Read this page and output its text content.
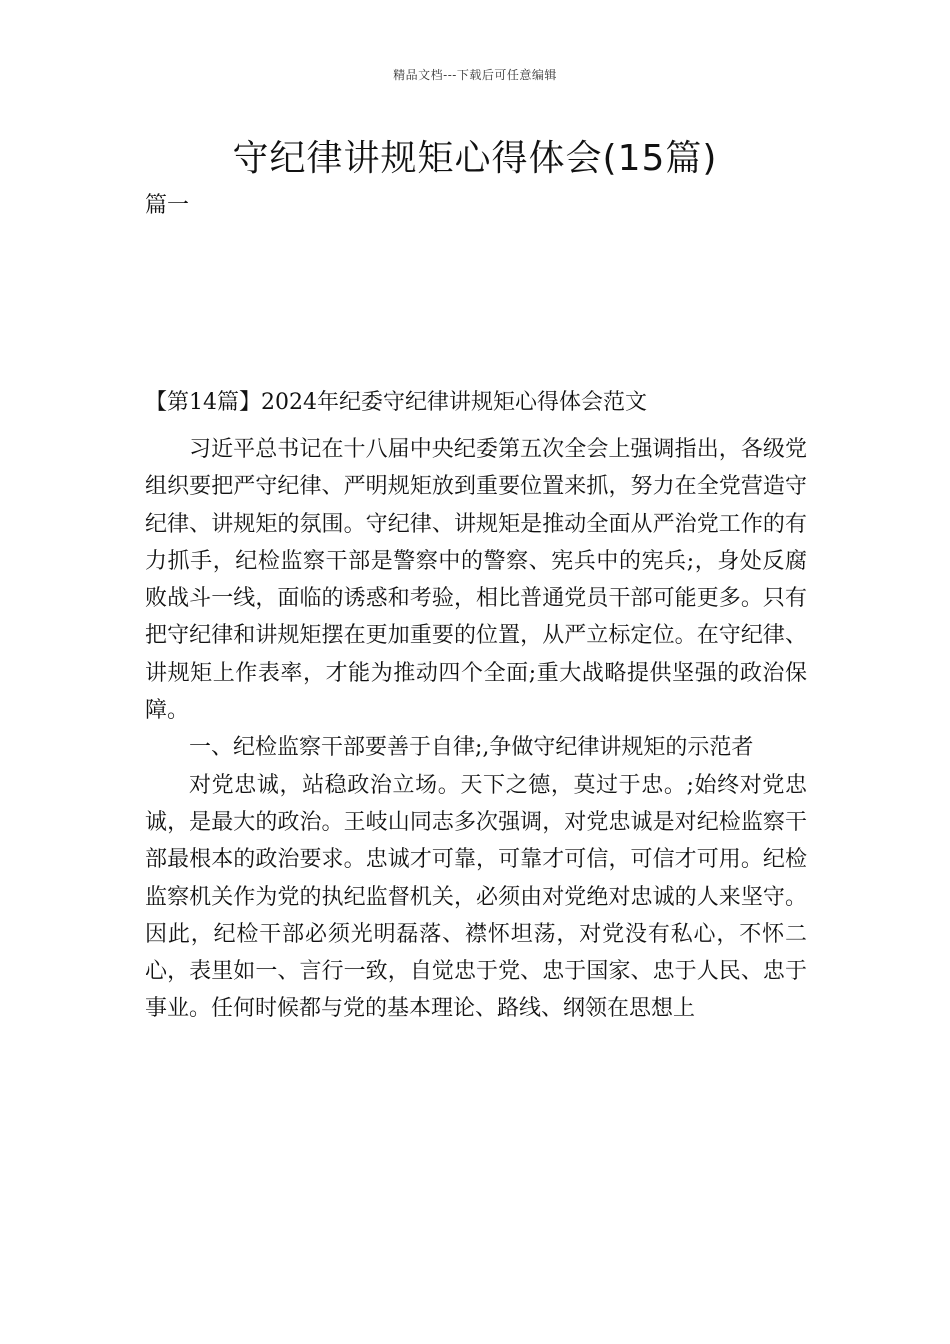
精品文档---下载后可任意编辑
守纪律讲规矩心得体会(15篇)
篇一
【第14篇】2024年纪委守纪律讲规矩心得体会范文

习近平总书记在十八届中央纪委第五次全会上强调指出，各级党组织要把严守纪律、严明规矩放到重要位置来抓，努力在全党营造守纪律、讲规矩的氛围。守纪律、讲规矩是推动全面从严治党工作的有力抓手，纪检监察干部是警察中的警察、宪兵中的宪兵;，身处反腐败战斗一线，面临的诱惑和考验，相比普通党员干部可能更多。只有把守纪律和讲规矩摆在更加重要的位置，从严立标定位。在守纪律、讲规矩上作表率，才能为推动四个全面;重大战略提供坚强的政治保障。

一、纪检监察干部要善于自律;,争做守纪律讲规矩的示范者

对党忠诚，站稳政治立场。天下之德，莫过于忠。;始终对党忠诚，是最大的政治。王岐山同志多次强调，对党忠诚是对纪检监察干部最根本的政治要求。忠诚才可靠，可靠才可信，可信才可用。纪检监察机关作为党的执纪监督机关，必须由对党绝对忠诚的人来坚守。因此，纪检干部必须光明磊落、襟怀坦荡，对党没有私心，不怀二心，表里如一、言行一致，自觉忠于党、忠于国家、忠于人民、忠于事业。任何时候都与党的基本理论、路线、纲领在思想上
